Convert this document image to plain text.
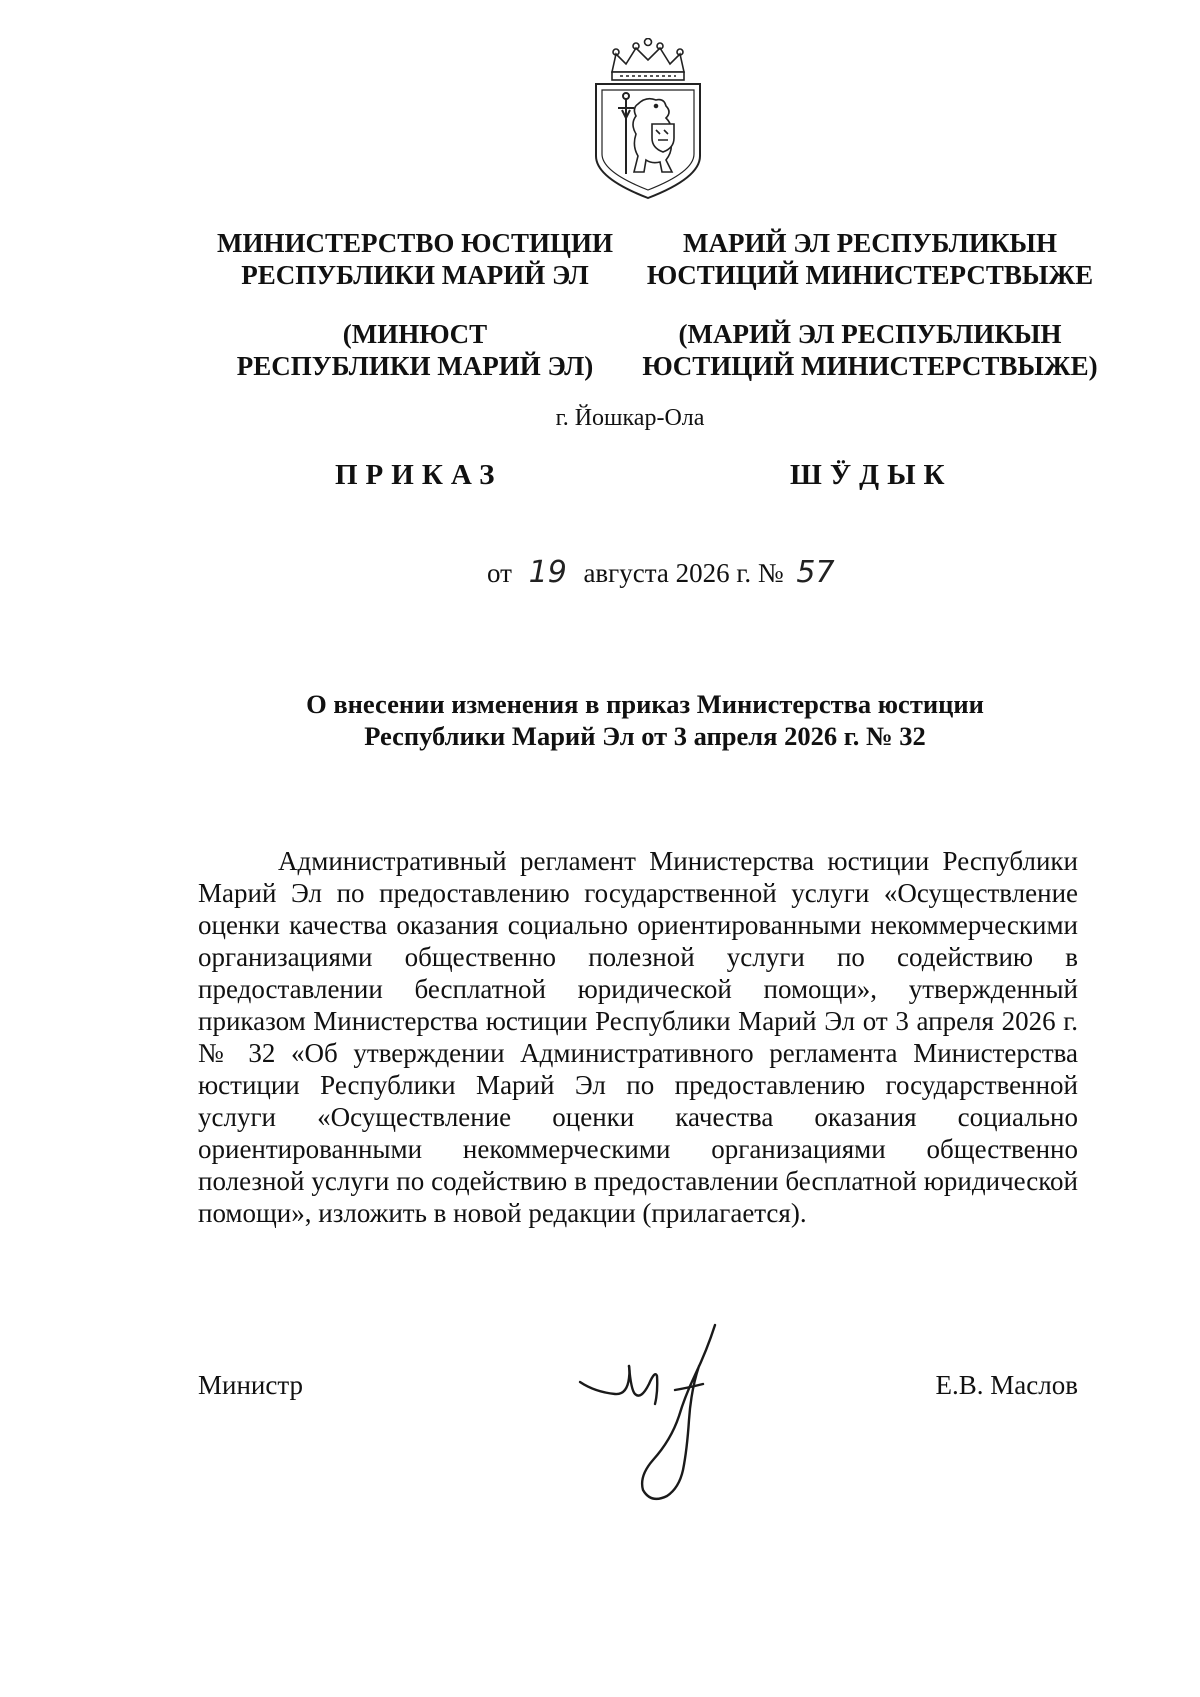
МИНИСТЕРСТВО ЮСТИЦИИ
РЕСПУБЛИКИ МАРИЙ ЭЛ
(МИНЮСТ
РЕСПУБЛИКИ МАРИЙ ЭЛ)
МАРИЙ ЭЛ РЕСПУБЛИКЫН
ЮСТИЦИЙ МИНИСТЕРСТВЫЖЕ
(МАРИЙ ЭЛ РЕСПУБЛИКЫН
ЮСТИЦИЙ МИНИСТЕРСТВЫЖЕ)
г. Йошкар-Ола
ПРИКАЗ	ШӰДЫК
от 19 августа 2026 г. № 57
О внесении изменения в приказ Министерства юстиции
Республики Марий Эл от 3 апреля 2026 г. № 32
Административный регламент Министерства юстиции Республики Марий Эл по предоставлению государственной услуги «Осуществление оценки качества оказания социально ориентированными некоммерческими организациями общественно полезной услуги по содействию в предоставлении бесплатной юридической помощи», утвержденный приказом Министерства юстиции Республики Марий Эл от 3 апреля 2026 г. № 32 «Об утверждении Административного регламента Министерства юстиции Республики Марий Эл по предоставлению государственной услуги «Осуществление оценки качества оказания социально ориентированными некоммерческими организациями общественно полезной услуги по содействию в предоставлении бесплатной юридической помощи», изложить в новой редакции (прилагается).
Министр	Е.В. Маслов
